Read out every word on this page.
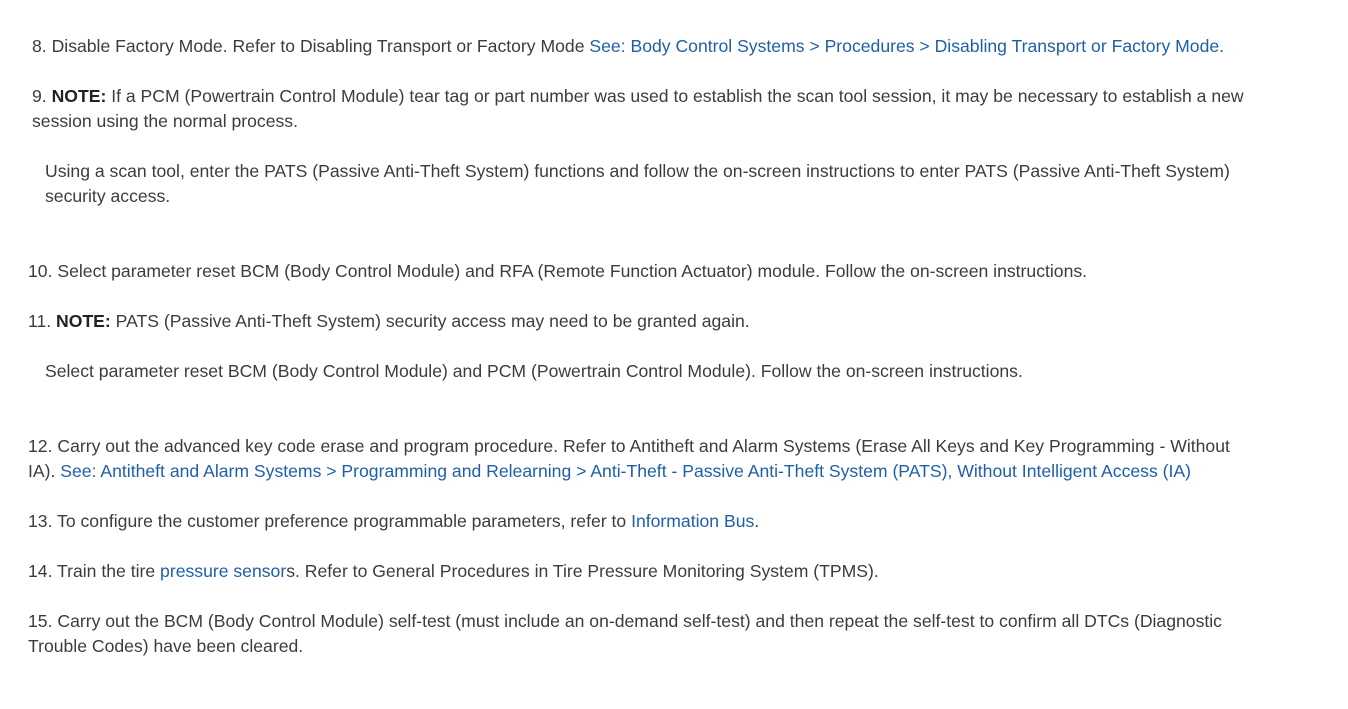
8. Disable Factory Mode. Refer to Disabling Transport or Factory Mode See: Body Control Systems > Procedures > Disabling Transport or Factory Mode.

9. NOTE: If a PCM (Powertrain Control Module) tear tag or part number was used to establish the scan tool session, it may be necessary to establish a new session using the normal process.

Using a scan tool, enter the PATS (Passive Anti-Theft System) functions and follow the on-screen instructions to enter PATS (Passive Anti-Theft System) security access.

10. Select parameter reset BCM (Body Control Module) and RFA (Remote Function Actuator) module. Follow the on-screen instructions.

11. NOTE: PATS (Passive Anti-Theft System) security access may need to be granted again.

Select parameter reset BCM (Body Control Module) and PCM (Powertrain Control Module). Follow the on-screen instructions.

12. Carry out the advanced key code erase and program procedure. Refer to Antitheft and Alarm Systems (Erase All Keys and Key Programming - Without IA). See: Antitheft and Alarm Systems > Programming and Relearning > Anti-Theft - Passive Anti-Theft System (PATS), Without Intelligent Access (IA)

13. To configure the customer preference programmable parameters, refer to Information Bus.

14. Train the tire pressure sensors. Refer to General Procedures in Tire Pressure Monitoring System (TPMS).

15. Carry out the BCM (Body Control Module) self-test (must include an on-demand self-test) and then repeat the self-test to confirm all DTCs (Diagnostic Trouble Codes) have been cleared.
